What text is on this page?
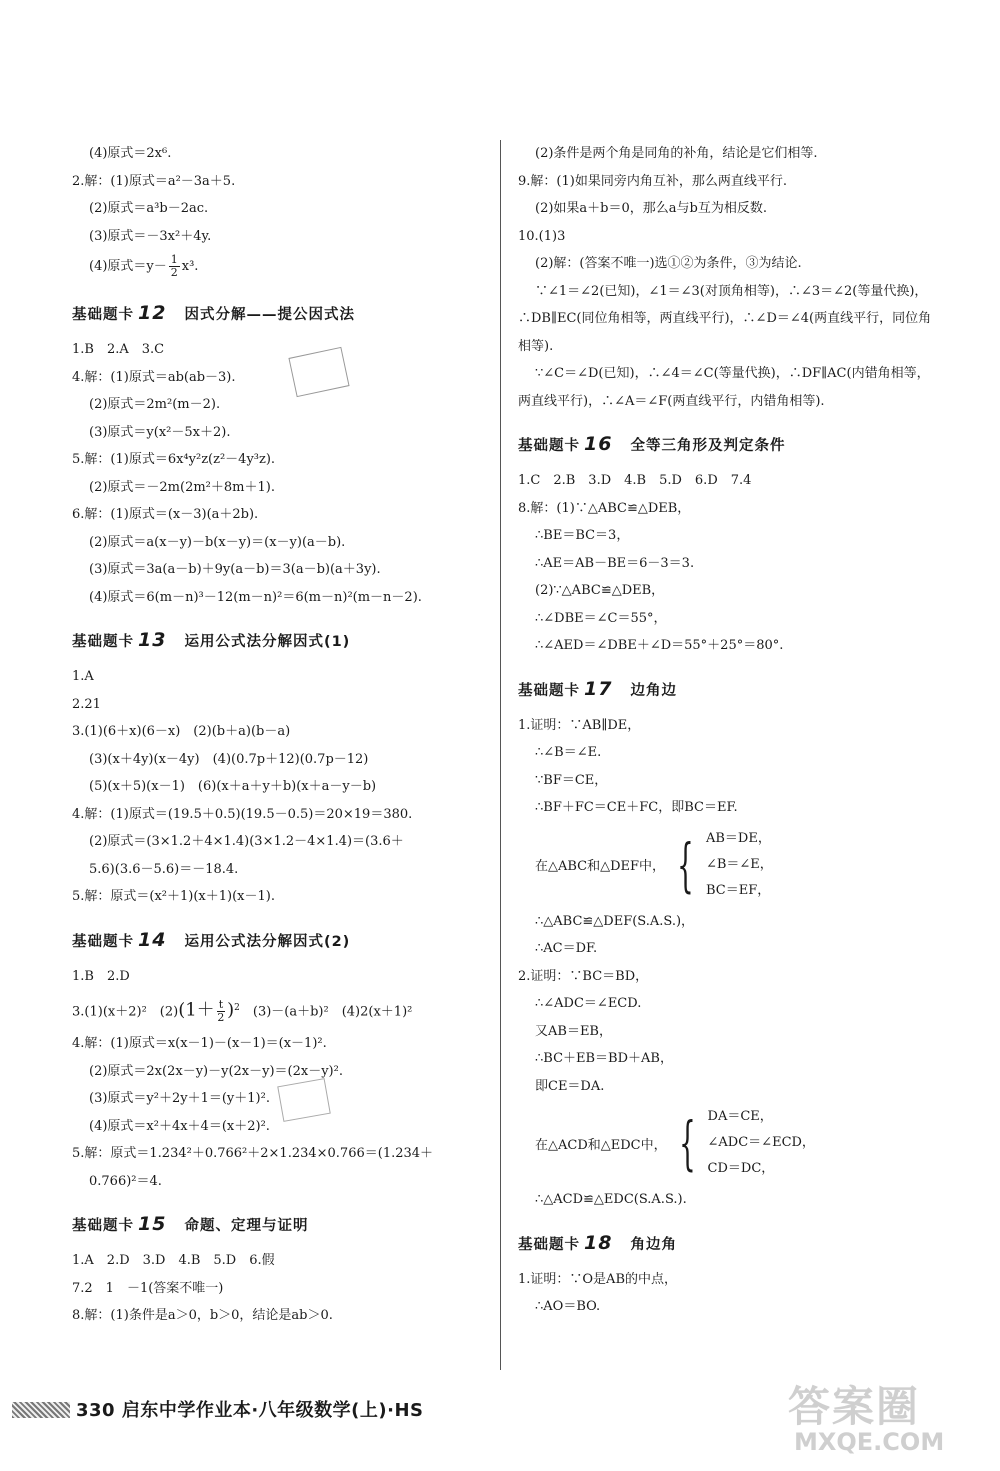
(4)原式＝2x⁶.
2.解：(1)原式＝a²－3a＋5.
(2)原式＝a³b－2ac.
(3)原式＝－3x²＋4y.
(4)原式$=y- \frac{1}{2} x^3$.
基础题卡 12 因式分解——提公因式法
1.B　2.A　3.C
4.解：(1)原式＝ab(ab－3).
(2)原式＝2m²(m－2).
(3)原式＝y(x²－5x＋2).
5.解：(1)原式＝6x⁴y²z(z²－4y³z).
(2)原式＝－2m(2m²＋8m＋1).
6.解：(1)原式＝(x－3)(a＋2b).
(2)原式＝a(x－y)－b(x－y)＝(x－y)(a－b).
(3)原式＝3a(a－b)＋9y(a－b)＝3(a－b)(a＋3y).
(4)原式＝6(m－n)³－12(m－n)²＝6(m－n)²(m－n－2).
基础题卡 13 运用公式法分解因式(1)
1.A
2.21
3.(1)(6＋x)(6－x)　(2)(b＋a)(b－a)
(3)(x＋4y)(x－4y)　(4)(0.7p＋12)(0.7p－12)
(5)(x＋5)(x－1)　(6)(x＋a＋y＋b)(x＋a－y－b)
4.解：(1)原式＝(19.5＋0.5)(19.5－0.5)＝20×19＝380.
(2)原式＝(3×1.2＋4×1.4)(3×1.2－4×1.4)＝(3.6＋
5.6)(3.6－5.6)＝－18.4.
5.解：原式＝(x²＋1)(x＋1)(x－1).
基础题卡 14 运用公式法分解因式(2)
1.B　2.D
3.(1)(x＋2)²　$(2)(1+ \frac{t}{2} )^2$　(3)－(a＋b)²　(4)2(x＋1)²
4.解：(1)原式＝x(x－1)－(x－1)＝(x－1)².
(2)原式＝2x(2x－y)－y(2x－y)＝(2x－y)².
(3)原式＝y²＋2y＋1＝(y＋1)².
(4)原式＝x²＋4x＋4＝(x＋2)².
5.解：原式＝1.234²＋0.766²＋2×1.234×0.766＝(1.234＋
0.766)²＝4.
基础题卡 15 命题、定理与证明
1.A　2.D　3.D　4.B　5.D　6.假
7.2　1　－1(答案不唯一)
8.解：(1)条件是a＞0，b＞0，结论是ab＞0.
(2)条件是两个角是同角的补角，结论是它们相等.
9.解：(1)如果同旁内角互补，那么两直线平行.
(2)如果a＋b＝0，那么a与b互为相反数.
10.(1)3
(2)解：(答案不唯一)选①②为条件，③为结论.
∵∠1＝∠2(已知)，∠1＝∠3(对顶角相等)，∴∠3＝∠2(等量代换)，∴DB∥EC(同位角相等，两直线平行)，∴∠D＝∠4(两直线平行，同位角相等).
∵∠C＝∠D(已知)，∴∠4＝∠C(等量代换)，∴DF∥AC(内错角相等，两直线平行)，∴∠A＝∠F(两直线平行，内错角相等).
基础题卡 16 全等三角形及判定条件
1.C　2.B　3.D　4.B　5.D　6.D　7.4
8.解：(1)∵△ABC≌△DEB，
∴BE＝BC＝3，
∴AE＝AB－BE＝6－3＝3.
(2)∵△ABC≌△DEB，
∴∠DBE＝∠C＝55°，
∴∠AED＝∠DBE＋∠D＝55°＋25°＝80°.
基础题卡 17 边角边
1.证明：∵AB∥DE，
∴∠B＝∠E.
∵BF＝CE，
∴BF＋FC＝CE＋FC，即BC＝EF.
在△ABC和△DEF中， { AB＝DE，
∠B＝∠E，
BC＝EF，
∴△ABC≌△DEF(S.A.S.)，
∴AC＝DF.
2.证明：∵BC＝BD，
∴∠ADC＝∠ECD.
又AB＝EB，
∴BC＋EB＝BD＋AB，
即CE＝DA.
在△ACD和△EDC中， { DA＝CE，
∠ADC＝∠ECD，
CD＝DC，
∴△ACD≌△EDC(S.A.S.).
基础题卡 18 角边角
1.证明：∵O是AB的中点，
∴AO＝BO.
330 启东中学作业本·八年级数学(上)·HS	答案圈
MXQE.COM
